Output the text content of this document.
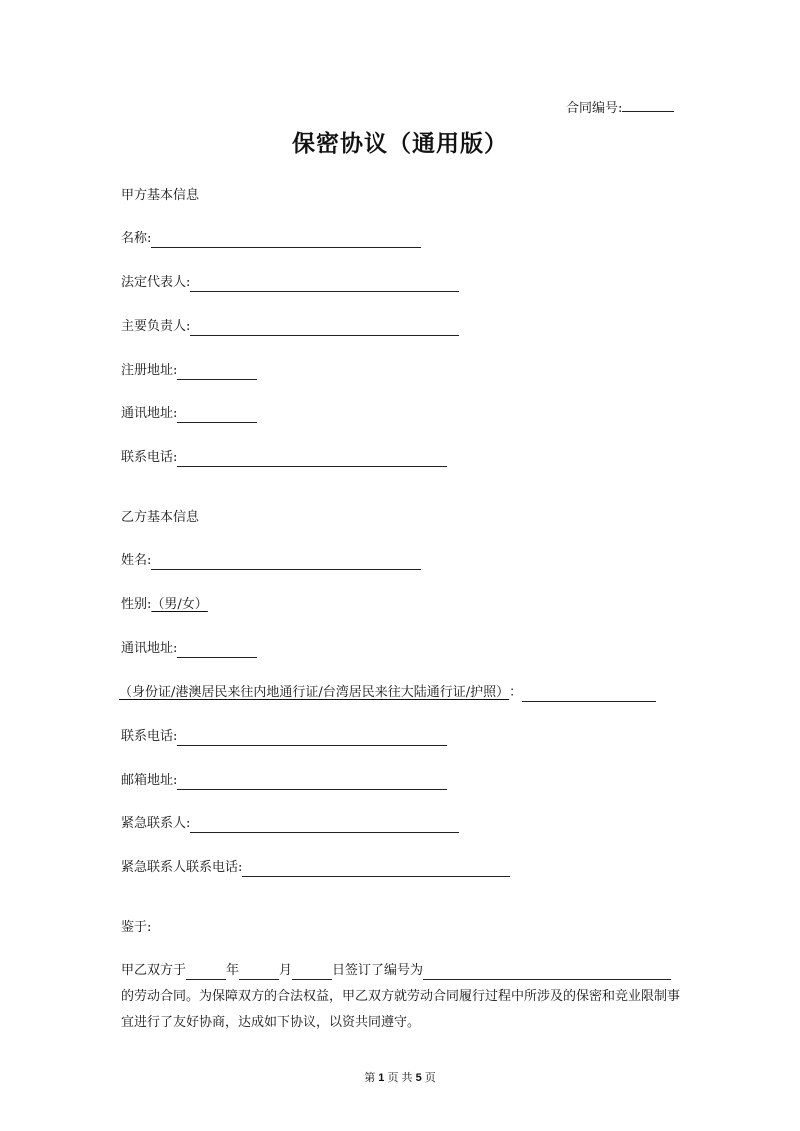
合同编号:
保密协议（通用版）
甲方基本信息
名称:
法定代表人:
主要负责人:
注册地址:
通讯地址:
联系电话:
乙方基本信息
姓名:
性别:（男/女）
通讯地址:
（身份证/港澳居民来往内地通行证/台湾居民来往大陆通行证/护照） ：
联系电话:
邮箱地址:
紧急联系人:
紧急联系人联系电话:
鉴于:
甲乙双方于	年	月	日签订了编号为
的劳动合同。为保障双方的合法权益，甲乙双方就劳动合同履行过程中所涉及的保密和竞业限制事宜进行了友好协商，达成如下协议，以资共同遵守。
第 1 页 共 5 页
